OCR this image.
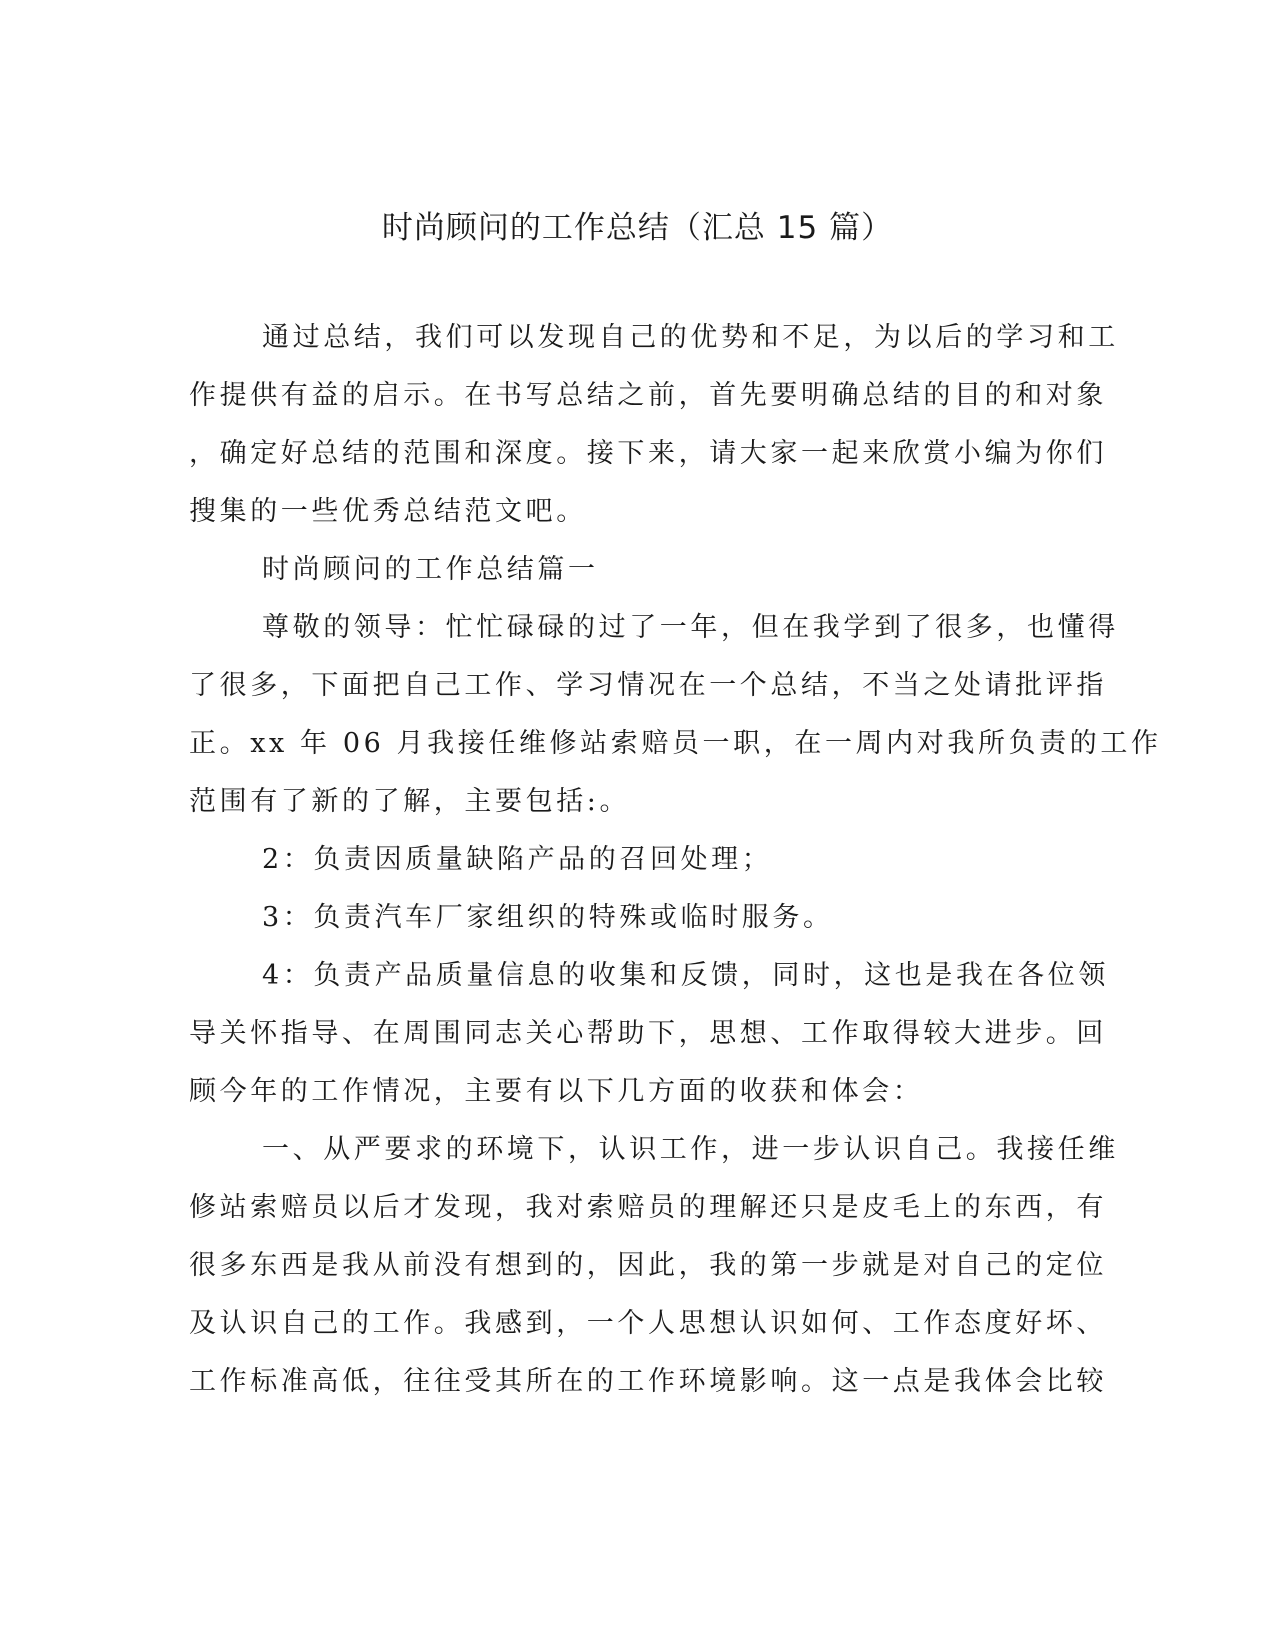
时尚顾问的工作总结（汇总 15 篇）

通过总结，我们可以发现自己的优势和不足，为以后的学习和工

作提供有益的启示。在书写总结之前，首先要明确总结的目的和对象

，确定好总结的范围和深度。接下来，请大家一起来欣赏小编为你们

搜集的一些优秀总结范文吧。

时尚顾问的工作总结篇一

尊敬的领导：忙忙碌碌的过了一年，但在我学到了很多，也懂得

了很多，下面把自己工作、学习情况在一个总结，不当之处请批评指

正。xx 年 06 月我接任维修站索赔员一职，在一周内对我所负责的工作

范围有了新的了解，主要包括:。

2：负责因质量缺陷产品的召回处理；

3：负责汽车厂家组织的特殊或临时服务。

4：负责产品质量信息的收集和反馈，同时，这也是我在各位领

导关怀指导、在周围同志关心帮助下，思想、工作取得较大进步。回

顾今年的工作情况，主要有以下几方面的收获和体会：

一、从严要求的环境下，认识工作，进一步认识自己。我接任维

修站索赔员以后才发现，我对索赔员的理解还只是皮毛上的东西，有

很多东西是我从前没有想到的，因此，我的第一步就是对自己的定位

及认识自己的工作。我感到，一个人思想认识如何、工作态度好坏、

工作标准高低，往往受其所在的工作环境影响。这一点是我体会比较
